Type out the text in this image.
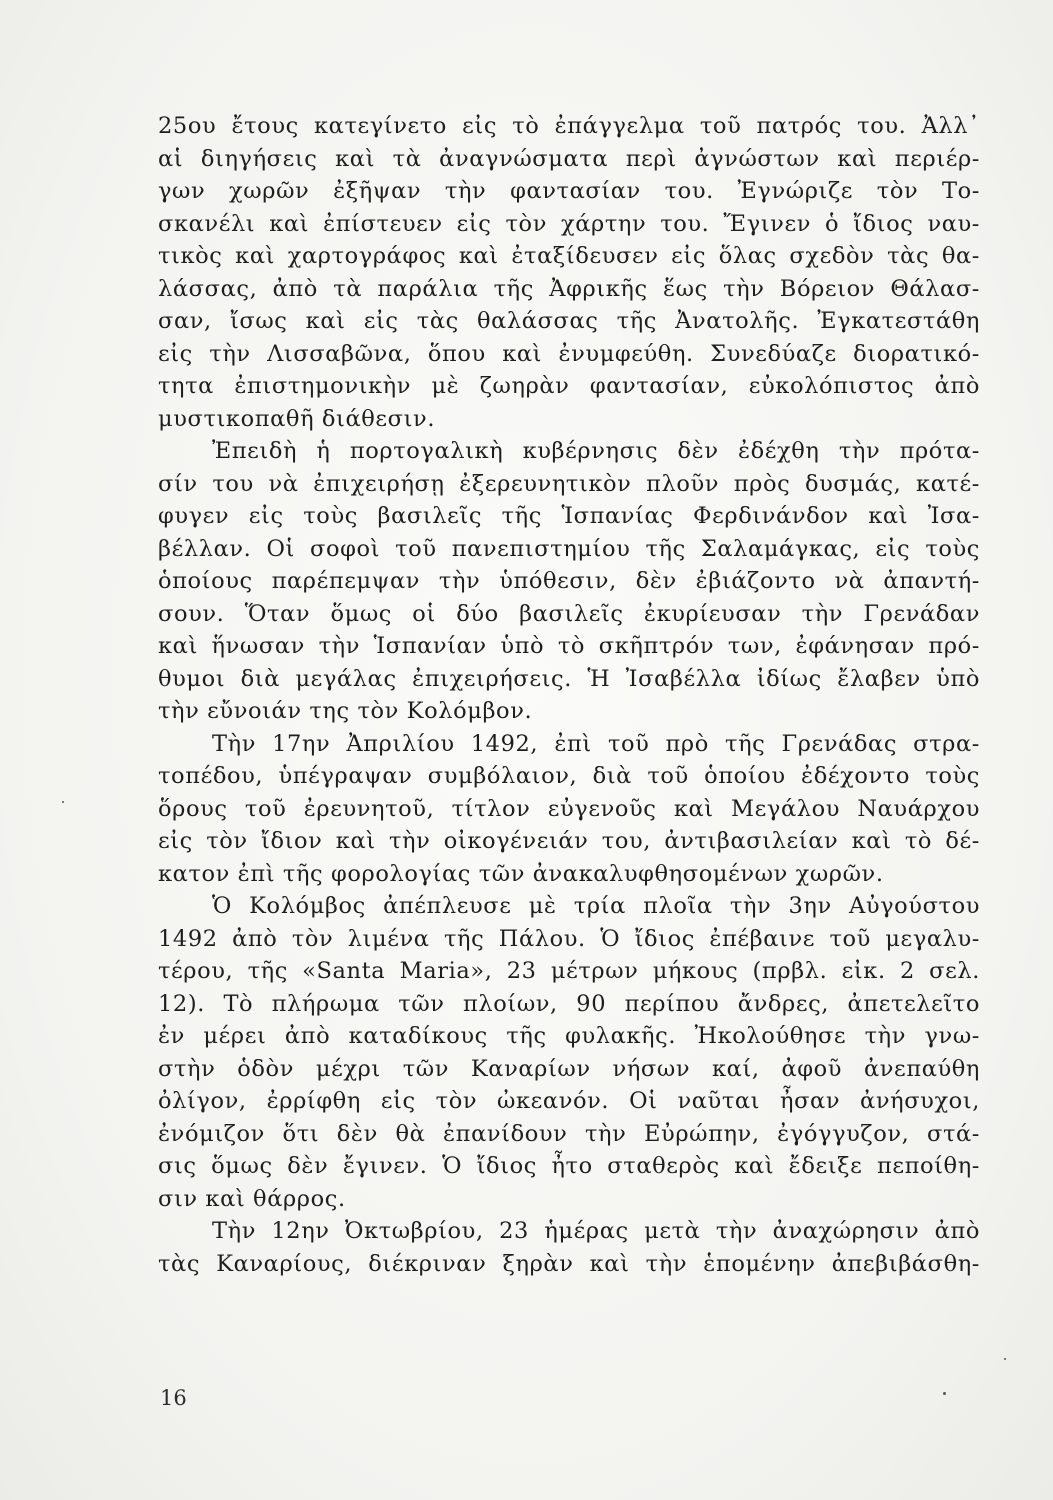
25ου ἔτους κατεγίνετο εἰς τὸ ἐπάγγελμα τοῦ πατρός του. Ἀλλ᾽
αἱ διηγήσεις καὶ τὰ ἀναγνώσματα περὶ ἀγνώστων καὶ περιέρ-
γων χωρῶν ἐξῆψαν τὴν φαντασίαν του. Ἐγνώριζε τὸν Το-
σκανέλι καὶ ἐπίστευεν εἰς τὸν χάρτην του. Ἔγινεν ὁ ἴδιος ναυ-
τικὸς καὶ χαρτογράφος καὶ ἐταξίδευσεν εἰς ὅλας σχεδὸν τὰς θα-
λάσσας, ἀπὸ τὰ παράλια τῆς Ἀφρικῆς ἕως τὴν Βόρειον Θάλασ-
σαν, ἴσως καὶ εἰς τὰς θαλάσσας τῆς Ἀνατολῆς. Ἐγκατεστάθη
εἰς τὴν Λισσαβῶνα, ὅπου καὶ ἐνυμφεύθη. Συνεδύαζε διορατικό-
τητα ἐπιστημονικὴν μὲ ζωηρὰν φαντασίαν, εὐκολόπιστος ἀπὸ
μυστικοπαθῆ διάθεσιν.
Ἐπειδὴ ἡ πορτογαλικὴ κυβέρνησις δὲν ἐδέχθη τὴν πρότα-
σίν του νὰ ἐπιχειρήσῃ ἐξερευνητικὸν πλοῦν πρὸς δυσμάς, κατέ-
φυγεν εἰς τοὺς βασιλεῖς τῆς Ἱσπανίας Φερδινάνδον καὶ Ἰσα-
βέλλαν. Οἱ σοφοὶ τοῦ πανεπιστημίου τῆς Σαλαμάγκας, εἰς τοὺς
ὁποίους παρέπεμψαν τὴν ὑπόθεσιν, δὲν ἐβιάζοντο νὰ ἀπαντή-
σουν. Ὅταν ὅμως οἱ δύο βασιλεῖς ἐκυρίευσαν τὴν Γρενάδαν
καὶ ἥνωσαν τὴν Ἱσπανίαν ὑπὸ τὸ σκῆπτρόν των, ἐφάνησαν πρό-
θυμοι διὰ μεγάλας ἐπιχειρήσεις. Ἡ Ἰσαβέλλα ἰδίως ἔλαβεν ὑπὸ
τὴν εὔνοιάν της τὸν Κολόμβον.
Τὴν 17ην Ἀπριλίου 1492, ἐπὶ τοῦ πρὸ τῆς Γρενάδας στρα-
τοπέδου, ὑπέγραψαν συμβόλαιον, διὰ τοῦ ὁποίου ἐδέχοντο τοὺς
ὅρους τοῦ ἐρευνητοῦ, τίτλον εὐγενοῦς καὶ Μεγάλου Ναυάρχου
εἰς τὸν ἴδιον καὶ τὴν οἰκογένειάν του, ἀντιβασιλείαν καὶ τὸ δέ-
κατον ἐπὶ τῆς φορολογίας τῶν ἀνακαλυφθησομένων χωρῶν.
Ὁ Κολόμβος ἀπέπλευσε μὲ τρία πλοῖα τὴν 3ην Αὐγούστου
1492 ἀπὸ τὸν λιμένα τῆς Πάλου. Ὁ ἴδιος ἐπέβαινε τοῦ μεγαλυ-
τέρου, τῆς «Santa Maria», 23 μέτρων μήκους (πρβλ. εἰκ. 2 σελ.
12). Τὸ πλήρωμα τῶν πλοίων, 90 περίπου ἄνδρες, ἀπετελεῖτο
ἐν μέρει ἀπὸ καταδίκους τῆς φυλακῆς. Ἠκολούθησε τὴν γνω-
στὴν ὁδὸν μέχρι τῶν Καναρίων νήσων καί, ἀφοῦ ἀνεπαύθη
ὀλίγον, ἐρρίφθη εἰς τὸν ὠκεανόν. Οἱ ναῦται ἦσαν ἀνήσυχοι,
ἐνόμιζον ὅτι δὲν θὰ ἐπανίδουν τὴν Εὐρώπην, ἐγόγγυζον, στά-
σις ὅμως δὲν ἔγινεν. Ὁ ἴδιος ἦτο σταθερὸς καὶ ἔδειξε πεποίθη-
σιν καὶ θάρρος.
Τὴν 12ην Ὀκτωβρίου, 23 ἡμέρας μετὰ τὴν ἀναχώρησιν ἀπὸ
τὰς Καναρίους, διέκριναν ξηρὰν καὶ τὴν ἑπομένην ἀπεβιβάσθη-
16
